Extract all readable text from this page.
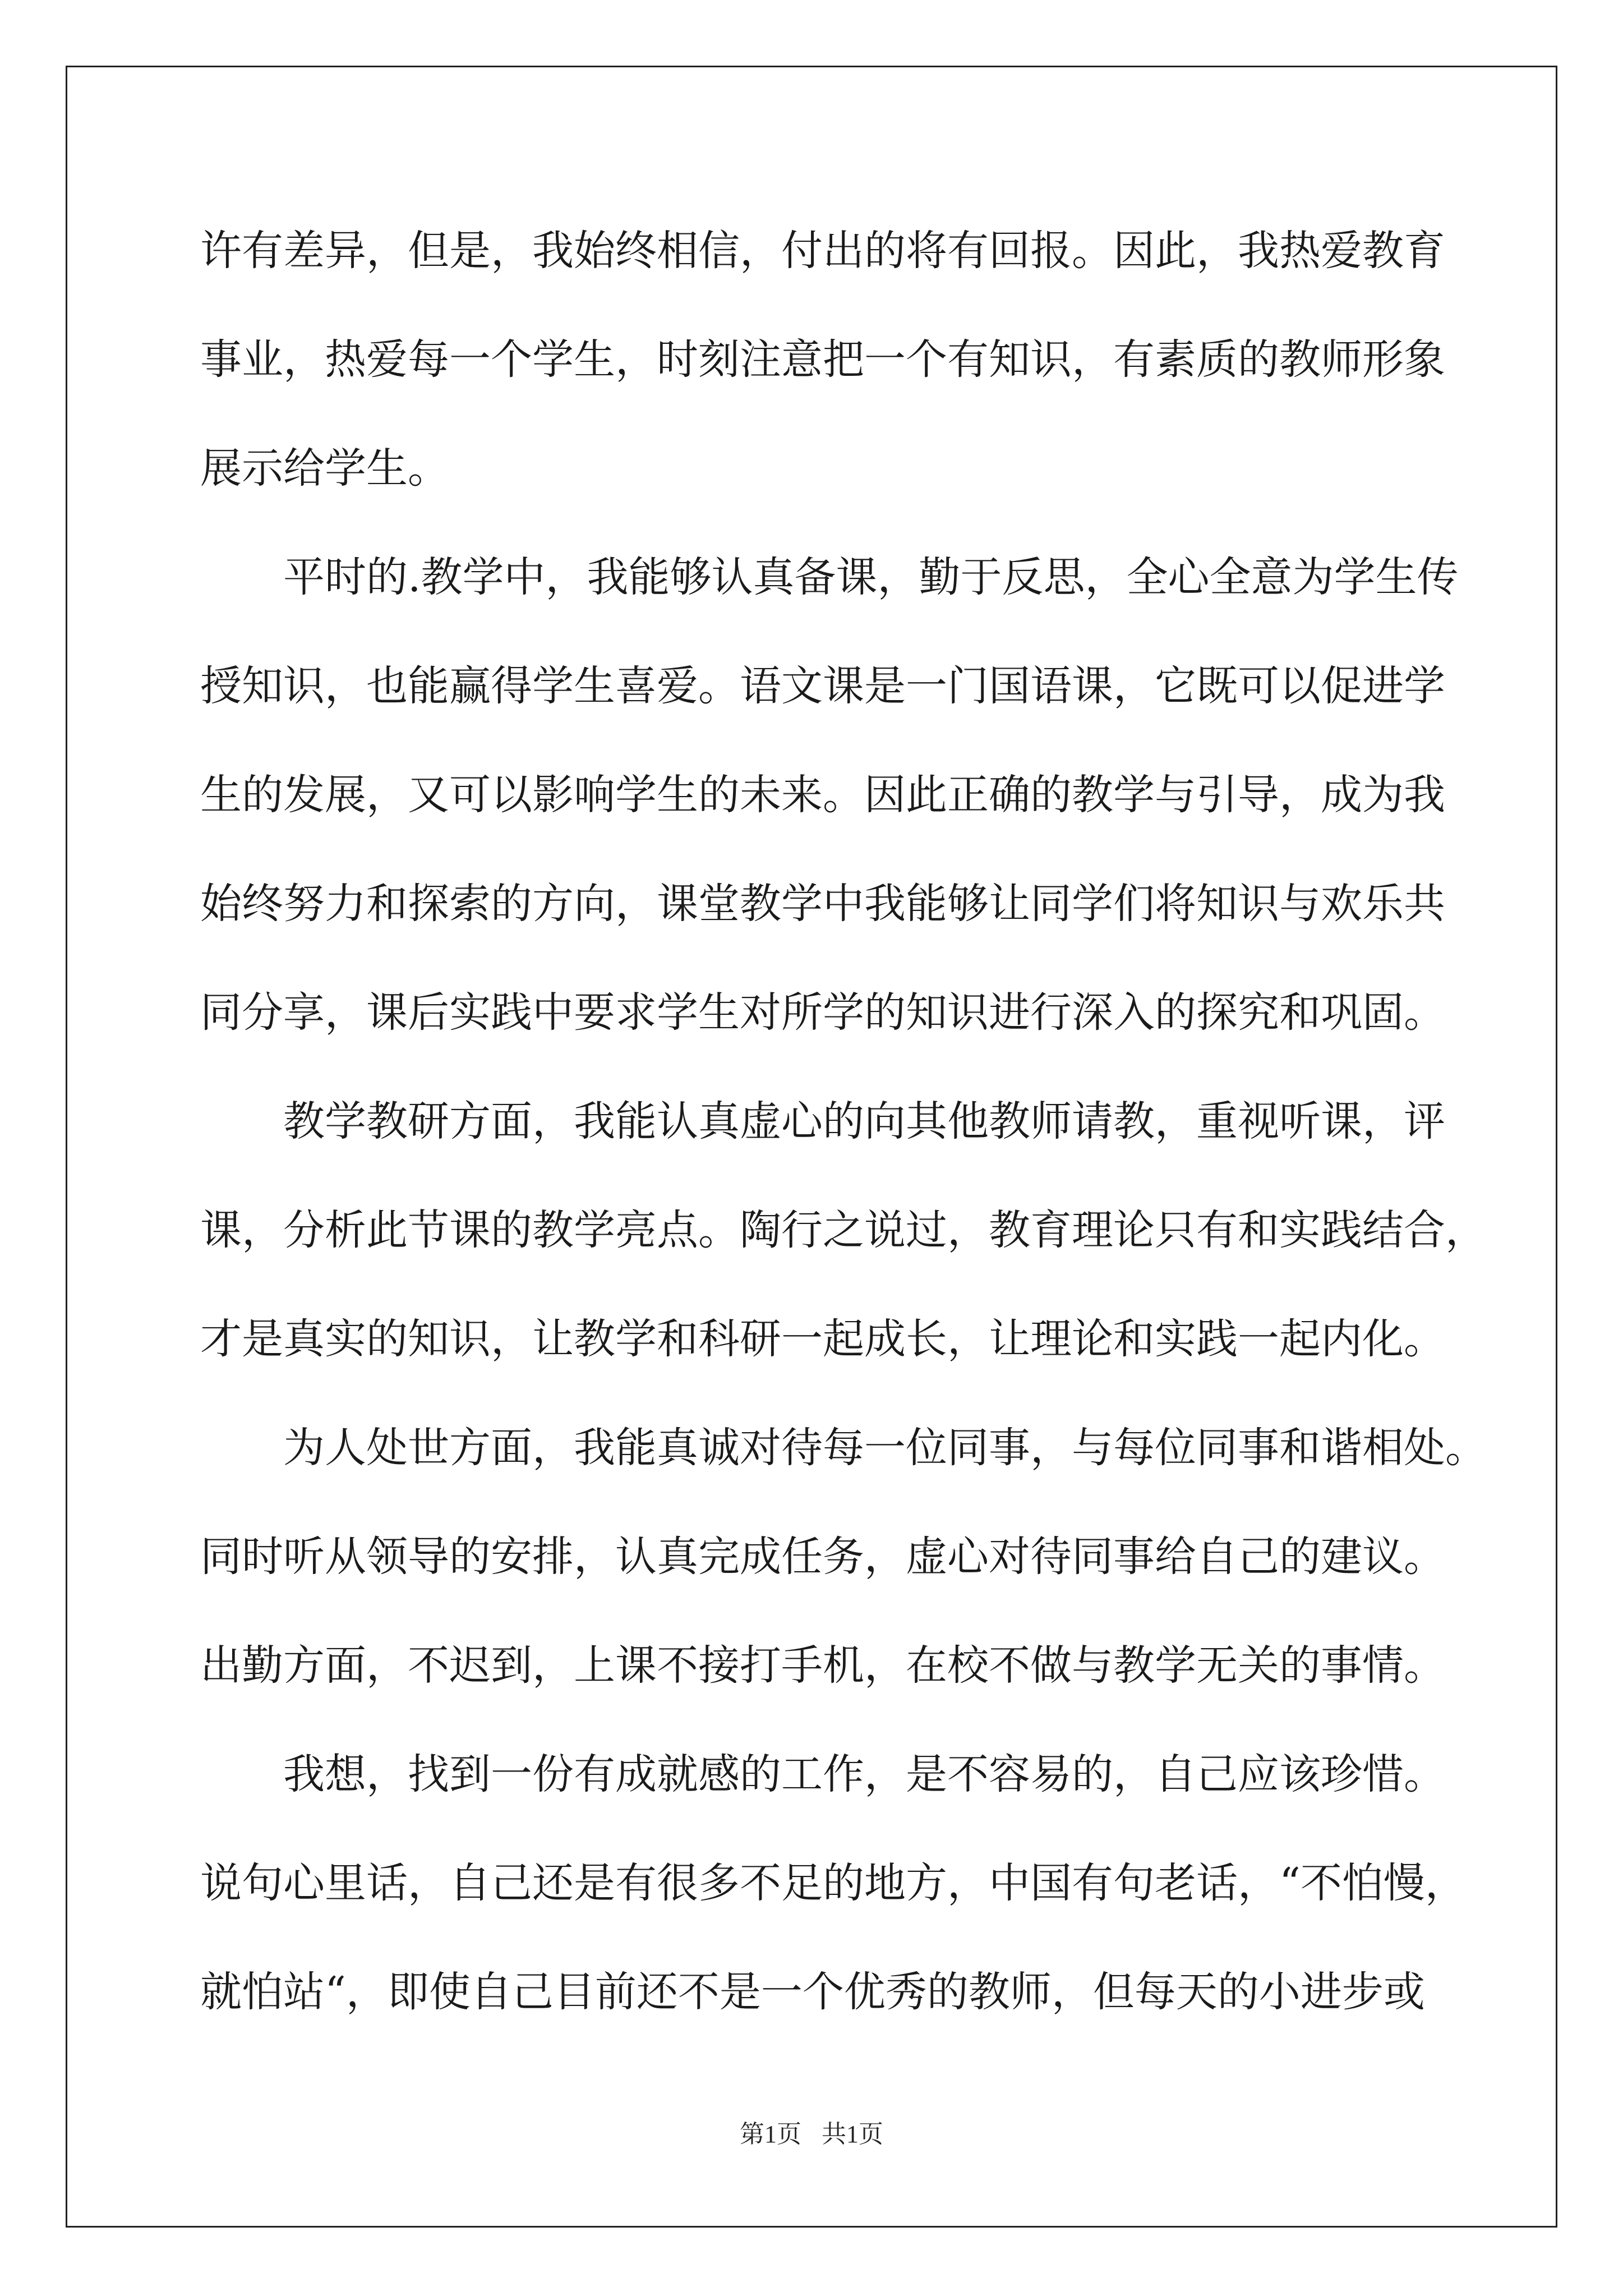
许有差异，但是，我始终相信，付出的将有回报。因此，我热爱教育
事业，热爱每一个学生，时刻注意把一个有知识，有素质的教师形象
展示给学生。
平时的.教学中，我能够认真备课，勤于反思，全心全意为学生传
授知识，也能赢得学生喜爱。语文课是一门国语课，它既可以促进学
生的发展，又可以影响学生的未来。因此正确的教学与引导，成为我
始终努力和探索的方向，课堂教学中我能够让同学们将知识与欢乐共
同分享，课后实践中要求学生对所学的知识进行深入的探究和巩固。
教学教研方面，我能认真虚心的向其他教师请教，重视听课，评
课，分析此节课的教学亮点。陶行之说过，教育理论只有和实践结合，
才是真实的知识，让教学和科研一起成长，让理论和实践一起内化。
为人处世方面，我能真诚对待每一位同事，与每位同事和谐相处。
同时听从领导的安排，认真完成任务，虚心对待同事给自己的建议。
出勤方面，不迟到，上课不接打手机，在校不做与教学无关的事情。
我想，找到一份有成就感的工作，是不容易的，自己应该珍惜。
说句心里话，自己还是有很多不足的地方，中国有句老话，“不怕慢，
就怕站“，即使自己目前还不是一个优秀的教师，但每天的小进步或
第1页 共1页
